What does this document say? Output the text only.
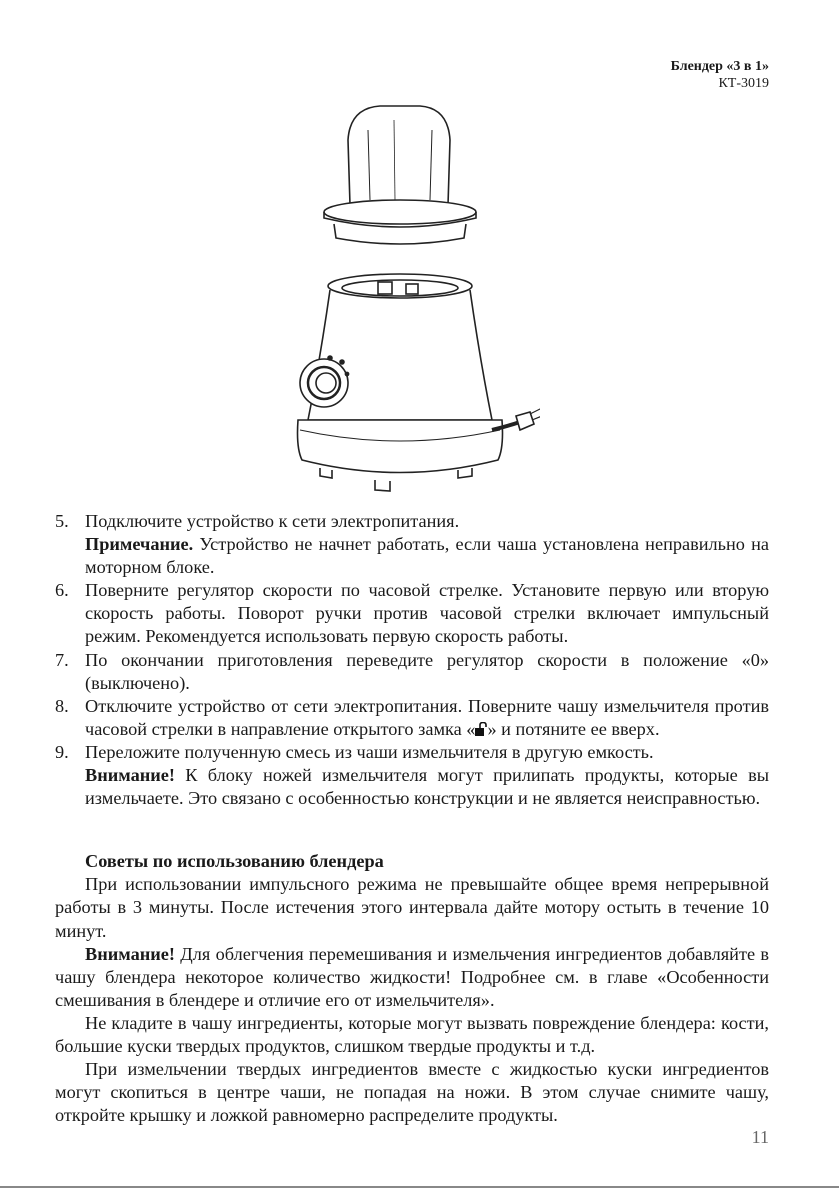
Блендер «3 в 1»
КТ-3019
5. Подключите устройство к сети электропитания.

Примечание. Устройство не начнет работать, если чаша установлена неправильно на моторном блоке.

6. Поверните регулятор скорости по часовой стрелке. Установите первую или вторую скорость работы. Поворот ручки против часовой стрелки включает импульсный режим. Рекомендуется использовать первую скорость работы.

7. По окончании приготовления переведите регулятор скорости в положение «0» (выключено).

8. Отключите устройство от сети электропитания. Поверните чашу измельчителя против часовой стрелки в направление открытого замка « » и потяните ее вверх.

9. Переложите полученную смесь из чаши измельчителя в другую емкость.

Внимание! К блоку ножей измельчителя могут прилипать продукты, которые вы измельчаете. Это связано с особенностью конструкции и не является неисправностью.

Советы по использованию блендера

При использовании импульсного режима не превышайте общее время непрерывной работы в 3 минуты. После истечения этого интервала дайте мотору остыть в течение 10 минут.

Внимание! Для облегчения перемешивания и измельчения ингредиентов добавляйте в чашу блендера некоторое количество жидкости! Подробнее см. в главе «Особенности смешивания в блендере и отличие его от измельчителя».

Не кладите в чашу ингредиенты, которые могут вызвать повреждение блендера: кости, большие куски твердых продуктов, слишком твердые продукты и т.д.

При измельчении твердых ингредиентов вместе с жидкостью куски ингредиентов могут скопиться в центре чаши, не попадая на ножи. В этом случае снимите чашу, откройте крышку и ложкой равномерно распределите продукты.

11
